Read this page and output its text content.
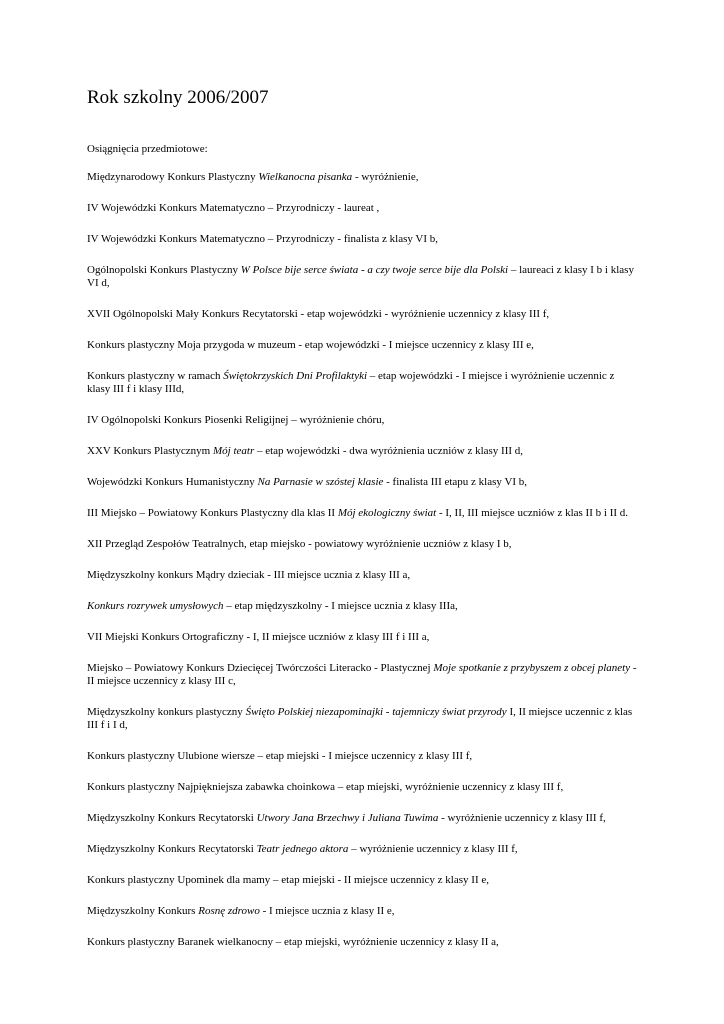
Rok szkolny 2006/2007

Osiągnięcia przedmiotowe:

Międzynarodowy Konkurs Plastyczny Wielkanocna pisanka - wyróżnienie,

IV Wojewódzki Konkurs Matematyczno – Przyrodniczy - laureat ,

IV Wojewódzki Konkurs Matematyczno – Przyrodniczy - finalista z klasy VI b,

Ogólnopolski Konkurs Plastyczny W Polsce bije serce świata - a czy twoje serce bije dla Polski – laureaci z klasy I b i klasy VI d,

XVII Ogólnopolski Mały Konkurs Recytatorski - etap wojewódzki - wyróżnienie uczennicy z klasy III f,

Konkurs plastyczny Moja przygoda w muzeum - etap wojewódzki - I miejsce uczennicy z klasy III e,

Konkurs plastyczny w ramach Świętokrzyskich Dni Profilaktyki – etap wojewódzki - I miejsce i wyróżnienie uczennic z klasy III f i klasy IIId,

IV Ogólnopolski Konkurs Piosenki Religijnej – wyróżnienie chóru,

XXV Konkurs Plastycznym Mój teatr – etap wojewódzki - dwa wyróżnienia uczniów z klasy III d,

Wojewódzki Konkurs Humanistyczny Na Parnasie w szóstej klasie - finalista III etapu z klasy VI b,

III Miejsko – Powiatowy Konkurs Plastyczny dla klas II Mój ekologiczny świat - I, II, III miejsce uczniów z klas II b i II d.

XII Przegląd Zespołów Teatralnych, etap miejsko - powiatowy wyróżnienie uczniów z klasy I b,

Międzyszkolny konkurs Mądry dzieciak - III miejsce ucznia z klasy III a,

Konkurs rozrywek umysłowych – etap międzyszkolny - I miejsce ucznia z klasy IIIa,

VII Miejski Konkurs Ortograficzny - I, II miejsce uczniów z klasy III f i III a,

Miejsko – Powiatowy Konkurs Dziecięcej Twórczości Literacko - Plastycznej Moje spotkanie z przybyszem z obcej planety - II miejsce uczennicy z klasy III c,

Międzyszkolny konkurs plastyczny Święto Polskiej niezapominajki - tajemniczy świat przyrody I, II miejsce uczennic z klas III f i I d,

Konkurs plastyczny Ulubione wiersze – etap miejski - I miejsce uczennicy z klasy III f,

Konkurs plastyczny Najpiękniejsza zabawka choinkowa – etap miejski, wyróżnienie uczennicy z klasy III f,

Międzyszkolny Konkurs Recytatorski Utwory Jana Brzechwy i Juliana Tuwima - wyróżnienie uczennicy z klasy III f,

Międzyszkolny Konkurs Recytatorski Teatr jednego aktora – wyróżnienie uczennicy z klasy III f,

Konkurs plastyczny Upominek dla mamy – etap miejski - II miejsce uczennicy z klasy II e,

Międzyszkolny Konkurs Rosnę zdrowo - I miejsce ucznia z klasy II e,

Konkurs plastyczny Baranek wielkanocny – etap miejski, wyróżnienie uczennicy z klasy II a,
